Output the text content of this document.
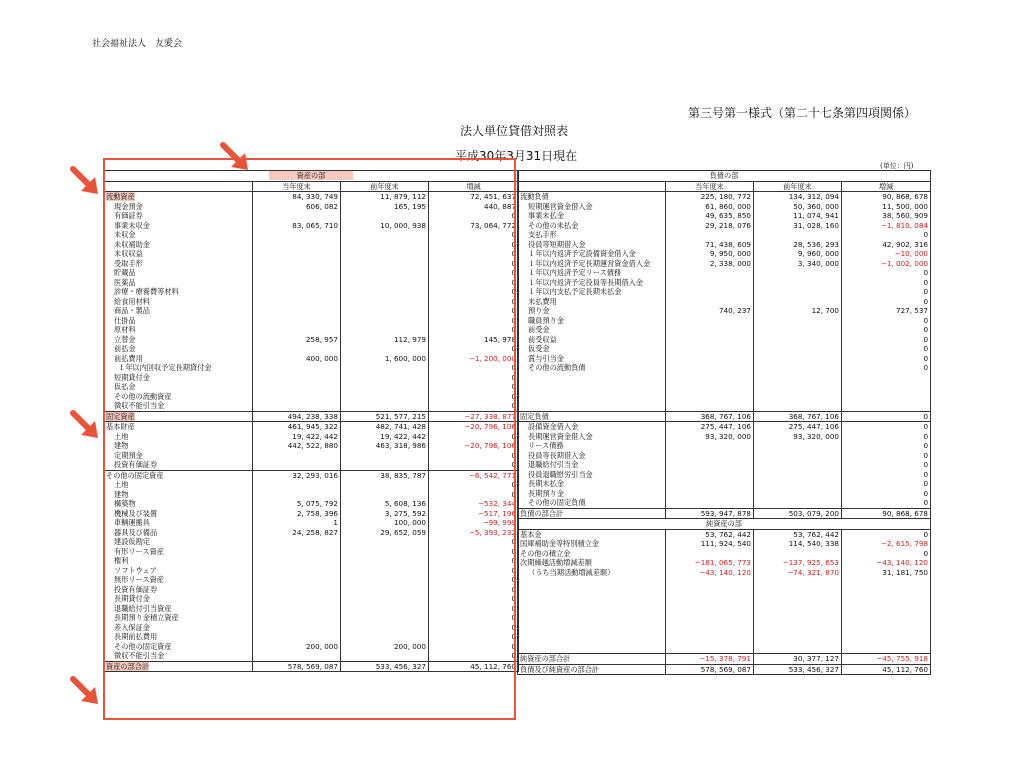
社会福祉法人　友愛会
第三号第一様式（第二十七条第四項関係）
法人単位貸借対照表
平成30年3月31日現在
(単位：円)
資産の部			
	当年度末	前年度末	増減
流動資産	84, 330, 749	11, 879, 112	72, 451, 637
現金預金	606, 082	165, 195	440, 887
有価証券			0
事業未収金	83, 065, 710	10, 000, 938	73, 064, 772
未収金			0
未収補助金			0
未収収益			0
受取手形			0
貯蔵品			0
医薬品			0
診療・療養費等材料			0
給食用材料			0
商品・製品			0
仕掛品			0
原材料			0
立替金	258, 957	112, 979	145, 978
前払金			0
前払費用	400, 000	1, 600, 000	−1, 200, 000
１年以内回収予定長期貸付金			0
短期貸付金			0
仮払金			0
その他の流動資産			0
徴収不能引当金			0
固定資産	494, 238, 338	521, 577, 215	−27, 338, 877
基本財産	461, 945, 322	482, 741, 428	−20, 796, 106
土地	19, 422, 442	19, 422, 442	0
建物	442, 522, 880	463, 318, 986	−20, 796, 106
定期預金			0
投資有価証券			0
その他の固定資産	32, 293, 016	38, 835, 787	−6, 542, 771
土地			0
建物			0
構築物	5, 075, 792	5, 608, 136	−532, 344
機械及び装置	2, 758, 396	3, 275, 592	−517, 196
車輌運搬具	1	100, 000	−99, 999
器具及び備品	24, 258, 827	29, 652, 059	−5, 393, 232
建設仮勘定			0
有形リース資産			0
権利			0
ソフトウェア			0
無形リース資産			0
投資有価証券			0
長期貸付金			0
退職給付引当資産			0
長期預り金積立資産			0
差入保証金			0
長期前払費用			0
その他の固定資産	200, 000	200, 000	0
徴収不能引当金			0
資産の部合計	578, 569, 087	533, 456, 327	45, 112, 760
負債の部			
	当年度末	前年度末	増減
流動負債	225, 180, 772	134, 312, 094	90, 868, 678
短期運営資金借入金	61, 860, 000	50, 360, 000	11, 500, 000
事業未払金	49, 635, 850	11, 074, 941	38, 560, 909
その他の未払金	29, 218, 076	31, 028, 160	−1, 810, 084
支払手形			0
役員等短期借入金	71, 438, 609	28, 536, 293	42, 902, 316
１年以内返済予定設備資金借入金	9, 950, 000	9, 960, 000	−10, 000
１年以内返済予定長期運営資金借入金	2, 338, 000	3, 340, 000	−1, 002, 000
１年以内返済予定リース債務			0
１年以内返済予定役員等長期借入金			0
１年以内支払予定長期未払金			0
未払費用			0
預り金	740, 237	12, 700	727, 537
職員預り金			0
前受金			0
前受収益			0
仮受金			0
賞与引当金			0
その他の流動負債			0

固定負債	368, 767, 106	368, 767, 106	0
設備資金借入金	275, 447, 106	275, 447, 106	0
長期運営資金借入金	93, 320, 000	93, 320, 000	0
リース債務			0
役員等長期借入金			0
退職給付引当金			0
役員退職慰労引当金			0
長期未払金			0
長期預り金			0
その他の固定負債			0
負債の部合計	593, 947, 878	503, 079, 200	90, 868, 678
純資産の部			
基本金	53, 762, 442	53, 762, 442	0
国庫補助金等特別積立金	111, 924, 540	114, 540, 338	−2, 615, 798
その他の積立金			0
次期繰越活動増減差額	−181, 065, 773	−137, 925, 653	−43, 140, 120
（うち当期活動増減差額）	−43, 140, 120	−74, 321, 870	31, 181, 750

純資産の部合計	−15, 378, 791	30, 377, 127	−45, 755, 918
負債及び純資産の部合計	578, 569, 087	533, 456, 327	45, 112, 760
